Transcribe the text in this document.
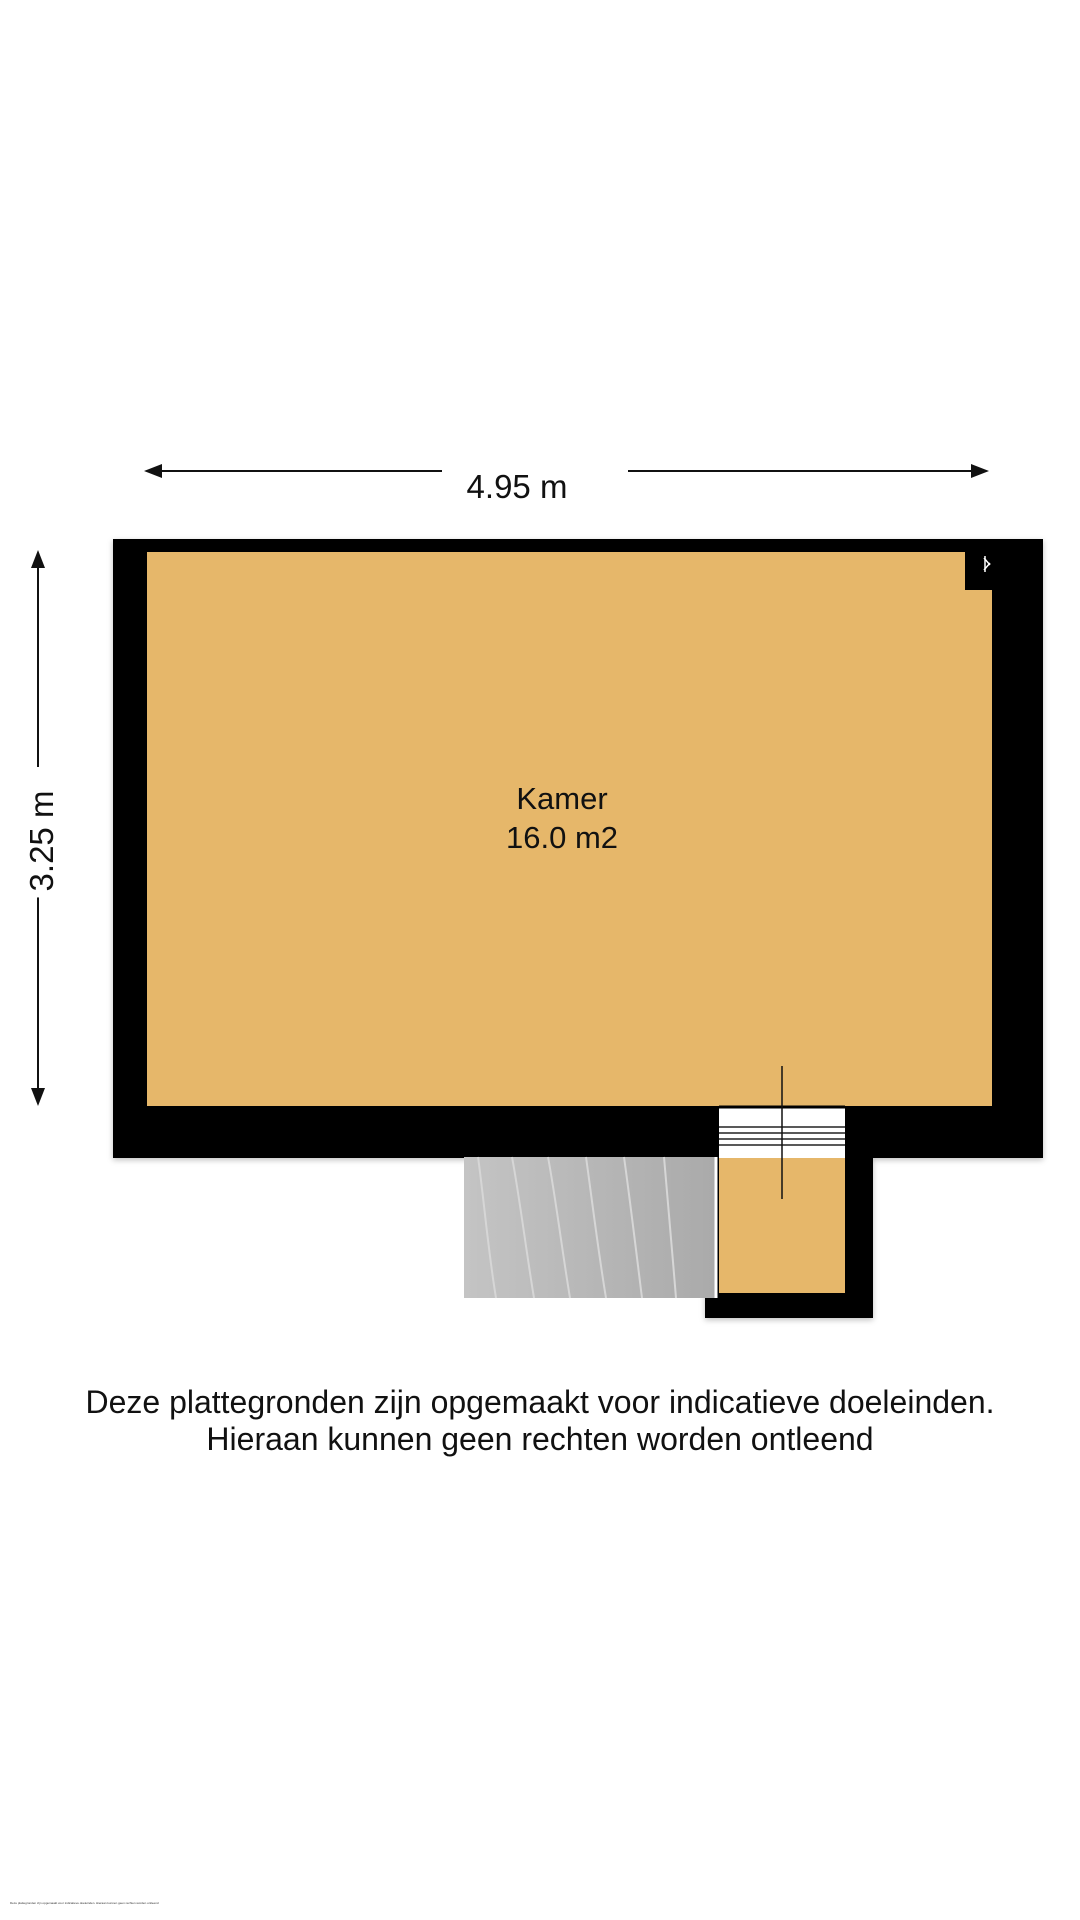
4.95 m
3.25 m	Kamer
16.0 m2
Deze plattegronden zijn opgemaakt voor indicatieve doeleinden.
Hieraan kunnen geen rechten worden ontleend
Deze plattegronden zijn opgemaakt voor indicatieve doeleinden. Hieraan kunnen geen rechten worden ontleend
